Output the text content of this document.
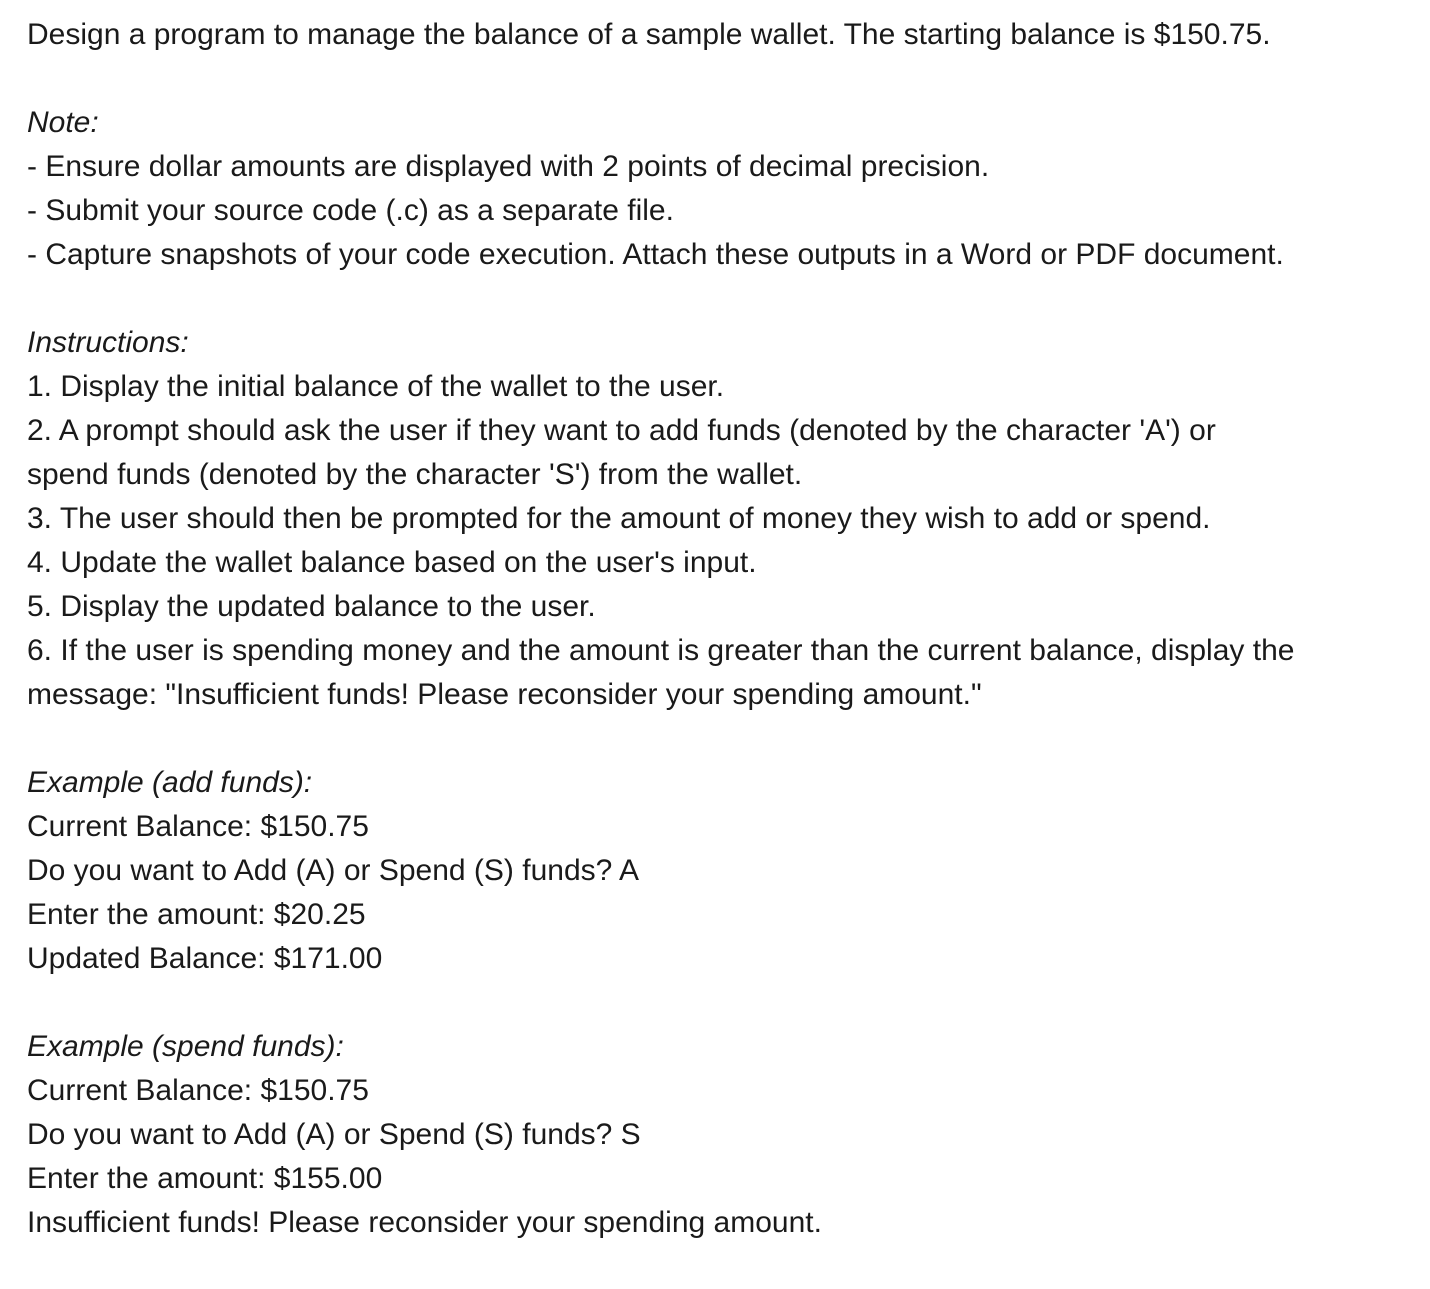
Design a program to manage the balance of a sample wallet. The starting balance is $150.75.
Note:
- Ensure dollar amounts are displayed with 2 points of decimal precision.
- Submit your source code (.c) as a separate file.
- Capture snapshots of your code execution. Attach these outputs in a Word or PDF document.
Instructions:
1. Display the initial balance of the wallet to the user.
2. A prompt should ask the user if they want to add funds (denoted by the character 'A') or
spend funds (denoted by the character 'S') from the wallet.
3. The user should then be prompted for the amount of money they wish to add or spend.
4. Update the wallet balance based on the user's input.
5. Display the updated balance to the user.
6. If the user is spending money and the amount is greater than the current balance, display the
message: "Insufficient funds! Please reconsider your spending amount."
Example (add funds):
Current Balance: $150.75
Do you want to Add (A) or Spend (S) funds? A
Enter the amount: $20.25
Updated Balance: $171.00
Example (spend funds):
Current Balance: $150.75
Do you want to Add (A) or Spend (S) funds? S
Enter the amount: $155.00
Insufficient funds! Please reconsider your spending amount.
